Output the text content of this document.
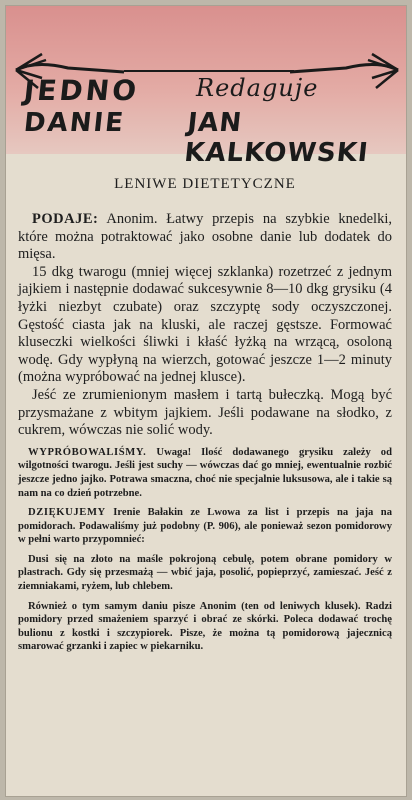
JEDNO Redaguje
DANIE JAN KALKOWSKI
LENIWE DIETETYCZNE

PODAJE: Anonim. Łatwy przepis na szybkie knedelki, które można potraktować jako osobne danie lub dodatek do mięsa.

15 dkg twarogu (mniej więcej szklanka) rozetrzeć z jednym jajkiem i następnie dodawać sukcesywnie 8—10 dkg grysiku (4 łyżki niezbyt czubate) oraz szczyptę sody oczyszczonej. Gęstość ciasta jak na kluski, ale raczej gęstsze. Formować kluseczki wielkości śliwki i kłaść łyżką na wrzącą, osoloną wodę. Gdy wypłyną na wierzch, gotować jeszcze 1—2 minuty (można wypróbować na jednej klusce).

Jeść ze zrumienionym masłem i tartą bułeczką. Mogą być przysmażane z wbitym jajkiem. Jeśli podawane na słodko, z cukrem, wówczas nie solić wody.

WYPRÓBOWALIŚMY. Uwaga! Ilość dodawanego grysiku zależy od wilgotności twarogu. Jeśli jest suchy — wówczas dać go mniej, ewentualnie rozbić jeszcze jedno jajko. Potrawa smaczna, choć nie specjalnie luksusowa, ale i takie są nam na co dzień potrzebne.

DZIĘKUJEMY Irenie Bałakin ze Lwowa za list i przepis na jaja na pomidorach. Podawaliśmy już podobny (P. 906), ale ponieważ sezon pomidorowy w pełni warto przypomnieć:

Dusi się na złoto na maśle pokrojoną cebulę, potem obrane pomidory w plastrach. Gdy się przesmażą — wbić jaja, posolić, popieprzyć, zamieszać. Jeść z ziemniakami, ryżem, lub chlebem.

Również o tym samym daniu pisze Anonim (ten od leniwych klusek). Radzi pomidory przed smażeniem sparzyć i obrać ze skórki. Poleca dodawać trochę bulionu z kostki i szczypiorek. Pisze, że można tą pomidorową jajecznicą smarować grzanki i zapiec w piekarniku.
